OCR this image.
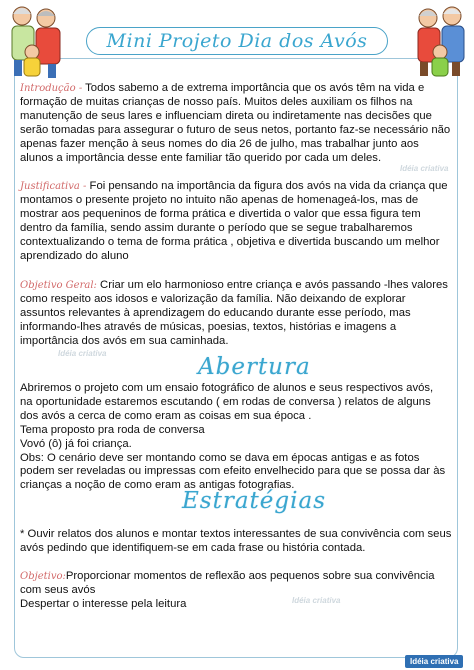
Mini Projeto Dia dos Avós

Introdução - Todos sabemo a de extrema importância que os avós têm na vida e

formação de muitas crianças de nosso país. Muitos deles auxiliam os filhos na

manutenção de seus lares e influenciam direta ou indiretamente nas decisões que

serão tomadas para assegurar o futuro de seus netos, portanto faz-se necessário não

apenas fazer menção à seus nomes do dia 26 de julho, mas trabalhar junto aos

alunos a importância desse ente familiar tão querido por cada um deles.

Idéia criativa

Justificativa - Foi pensando na importância da figura dos avós na vida da criança que

montamos o presente projeto no intuito não apenas de homenageá-los, mas de

mostrar aos pequeninos de forma prática e divertida o valor que essa figura tem

dentro da família, sendo assim durante o período que se segue trabalharemos

contextualizando o tema de forma prática , objetiva e divertida buscando um melhor

aprendizado do aluno

Objetivo Geral: Criar um elo harmonioso entre criança e avós passando -lhes valores

como respeito aos idosos e valorização da família. Não deixando de explorar

assuntos relevantes à aprendizagem do educando durante esse período, mas

informando-lhes através de músicas, poesias, textos, histórias e imagens a

importância dos avós em sua caminhada.

Idéia criativa
Abertura

Abriremos o projeto com um ensaio fotográfico de alunos e seus respectivos avós,

na oportunidade estaremos escutando ( em rodas de conversa ) relatos de alguns

dos avós a cerca de como eram as coisas em sua época .

Tema proposto pra roda de conversa

Vovó (ô) já foi criança.

Obs: O cenário deve ser montando como se dava em épocas antigas e as fotos

podem ser reveladas ou impressas com efeito envelhecido para que se possa dar às

crianças a noção de como eram as antigas fotografias.

Estratégias

* Ouvir relatos dos alunos e montar textos interessantes de sua convivência com seus

avós pedindo que identifiquem-se em cada frase ou história contada.

Objetivo:Proporcionar momentos de reflexão aos pequenos sobre sua convivência

com seus avós

Despertar o interesse pela leitura	Idéia criativa
Idéia criativa
